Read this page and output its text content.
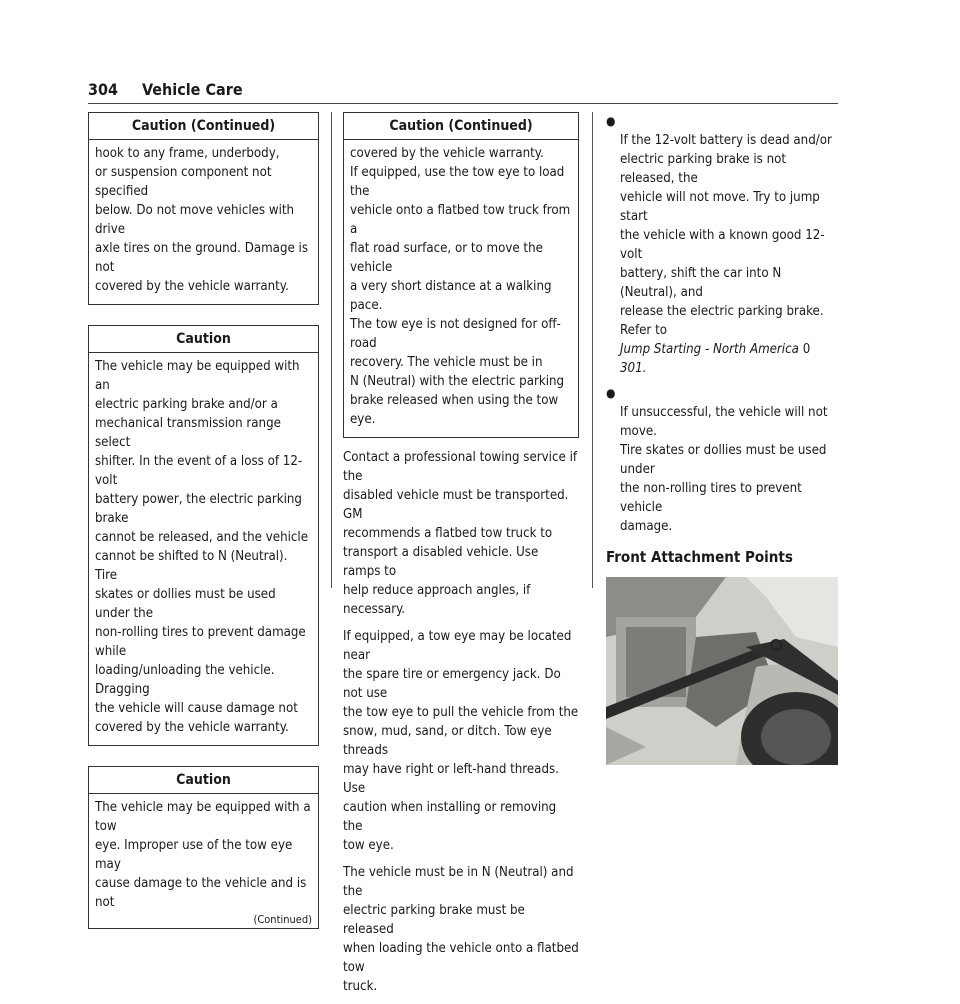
304 Vehicle Care
Caution (Continued)

hook to any frame, underbody,
or suspension component not specified
below. Do not move vehicles with drive
axle tires on the ground. Damage is not
covered by the vehicle warranty.

Caution

The vehicle may be equipped with an
electric parking brake and/or a
mechanical transmission range select
shifter. In the event of a loss of 12-volt
battery power, the electric parking brake
cannot be released, and the vehicle
cannot be shifted to N (Neutral). Tire
skates or dollies must be used under the
non-rolling tires to prevent damage while
loading/unloading the vehicle. Dragging
the vehicle will cause damage not
covered by the vehicle warranty.

Caution

The vehicle may be equipped with a tow
eye. Improper use of the tow eye may
cause damage to the vehicle and is not

(Continued)
Caution (Continued)

covered by the vehicle warranty.
If equipped, use the tow eye to load the
vehicle onto a flatbed tow truck from a
flat road surface, or to move the vehicle
a very short distance at a walking pace.
The tow eye is not designed for off-road
recovery. The vehicle must be in
N (Neutral) with the electric parking
brake released when using the tow eye.

Contact a professional towing service if the
disabled vehicle must be transported. GM
recommends a flatbed tow truck to
transport a disabled vehicle. Use ramps to
help reduce approach angles, if necessary.

If equipped, a tow eye may be located near
the spare tire or emergency jack. Do not use
the tow eye to pull the vehicle from the
snow, mud, sand, or ditch. Tow eye threads
may have right or left-hand threads. Use
caution when installing or removing the
tow eye.

The vehicle must be in N (Neutral) and the
electric parking brake must be released
when loading the vehicle onto a flatbed tow
truck.

●
If the 12-volt battery is dead and/or
electric parking brake is not released, the
vehicle will not move. Try to jump start
the vehicle with a known good 12-volt
battery, shift the car into N (Neutral), and
release the electric parking brake. Refer to
Jump Starting - North America 0 301.

●
If unsuccessful, the vehicle will not move.
Tire skates or dollies must be used under
the non-rolling tires to prevent vehicle
damage.

Front Attachment Points
